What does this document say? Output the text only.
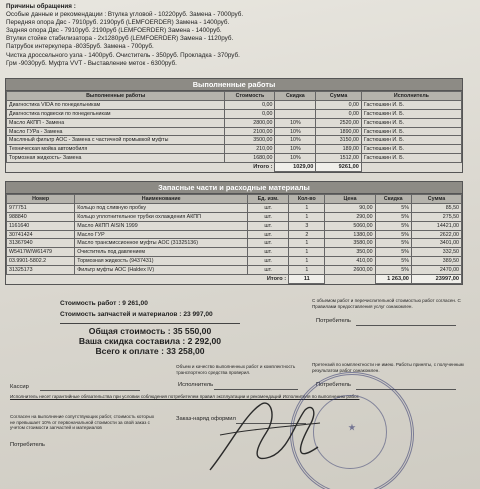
Причины обращения :
Особые данные и рекомендации : Втулка угловой - 10220руб. Замена - 7000руб.
Передняя опора Двс - 7910руб. 2190руб (LEMFOERDER) Замена - 1400руб.
Задняя опора Двс - 7910руб. 2190руб (LEMFOERDER) Замена - 1400руб.
Втулки стойке стабилизатора - 2x1280руб (LEMFOERDER) Замена - 1120руб.
Патрубок интеркулера -8035руб. Замена - 700руб.
Чистка дроссельного узла - 1400руб. Очиститель - 350руб. Прокладка - 370руб.
Грм -9030руб. Муфта VVT - Выставление меток - 6300руб.
Выполненные работы
Выполненные работы	Стоимость	Скидка	Сумма	Исполнитель
Диагностика VIDA по понедельникам	0,00		0,00	Гастюшкин И. Б.
Диагностика подвески по понедельникам	0,00		0,00	Гастюшкин И. Б.
Масло АКПП - Замена	2800,00	10%	2520,00	Гастюшкин И. Б.
Масло ГУРа - Замена	2100,00	10%	1890,00	Гастюшкин И. Б.
Масляный фильтр АОС - Замена с частичной промывкой муфты	3500,00	10%	3150,00	Гастюшкин И. Б.
Техническая мойка автомобиля	210,00	10%	189,00	Гастюшкин И. Б.
Тормозная жидкость- Замена	1680,00	10%	1512,00	Гастюшкин И. Б.
	Итого :	1029,00	9261,00	
Запасные части и расходные материалы
Номер	Наименование	Ед. изм.	Кол-во	Цена	Скидка	Сумма
977751	Кольцо под сливную пробку	шт.	1	90,00	5%	85,50
988840	Кольцо уплотнительное трубки охлаждения АКПП	шт.	1	290,00	5%	275,50
1161640	Масло АКПП AISIN 1999	шт.	3	5060,00	5%	14421,00
30741424	Масло ГУР	шт.	2	1380,00	5%	2622,00
31367940	Масло трансмиссионное муфты АОС (31325136)	шт.	1	3580,00	5%	3401,00
W5417W/W61479	Очиститель под давлением	шт.	1	350,00	5%	332,50
03.9901-5802.2	Тормозная жидкость (9437431)	шт.	1	410,00	5%	389,50
31325173	Фильтр муфты АОС (Haldex IV)	шт.	1	2600,00	5%	2470,00
		Итого :	11		1 263,00	23997,00
Стоимость работ : 9 261,00
Стоимость запчастей и материалов : 23 997,00
Общая стоимость : 35 550,00
Ваша скидка составила : 2 292,00
Всего к оплате : 33 258,00
С объемом работ и перечислительной стоимостью работ согласен. С Правилами предоставления услуг ознакомлен.
Потребитель
Претензий по комплектности не имею. Работы приняты, с полученным результатом работ ознакомлен.
Потребитель
Объем и качество выполненных работ и комплектность транспортного средства проверил.
Исполнитель
Кассир
Исполнитель несет гарантийные обязательства при условии соблюдения потребителем правил эксплуатации и рекомендаций Исполнителя по выполнению работ.
Согласен на выполнение сопутствующих работ, стоимость которых не превышает 10% от первоначальной стоимости за свой заказ с учетом стоимости запчастей и материалов
Потребитель
Заказ-наряд оформил
★
